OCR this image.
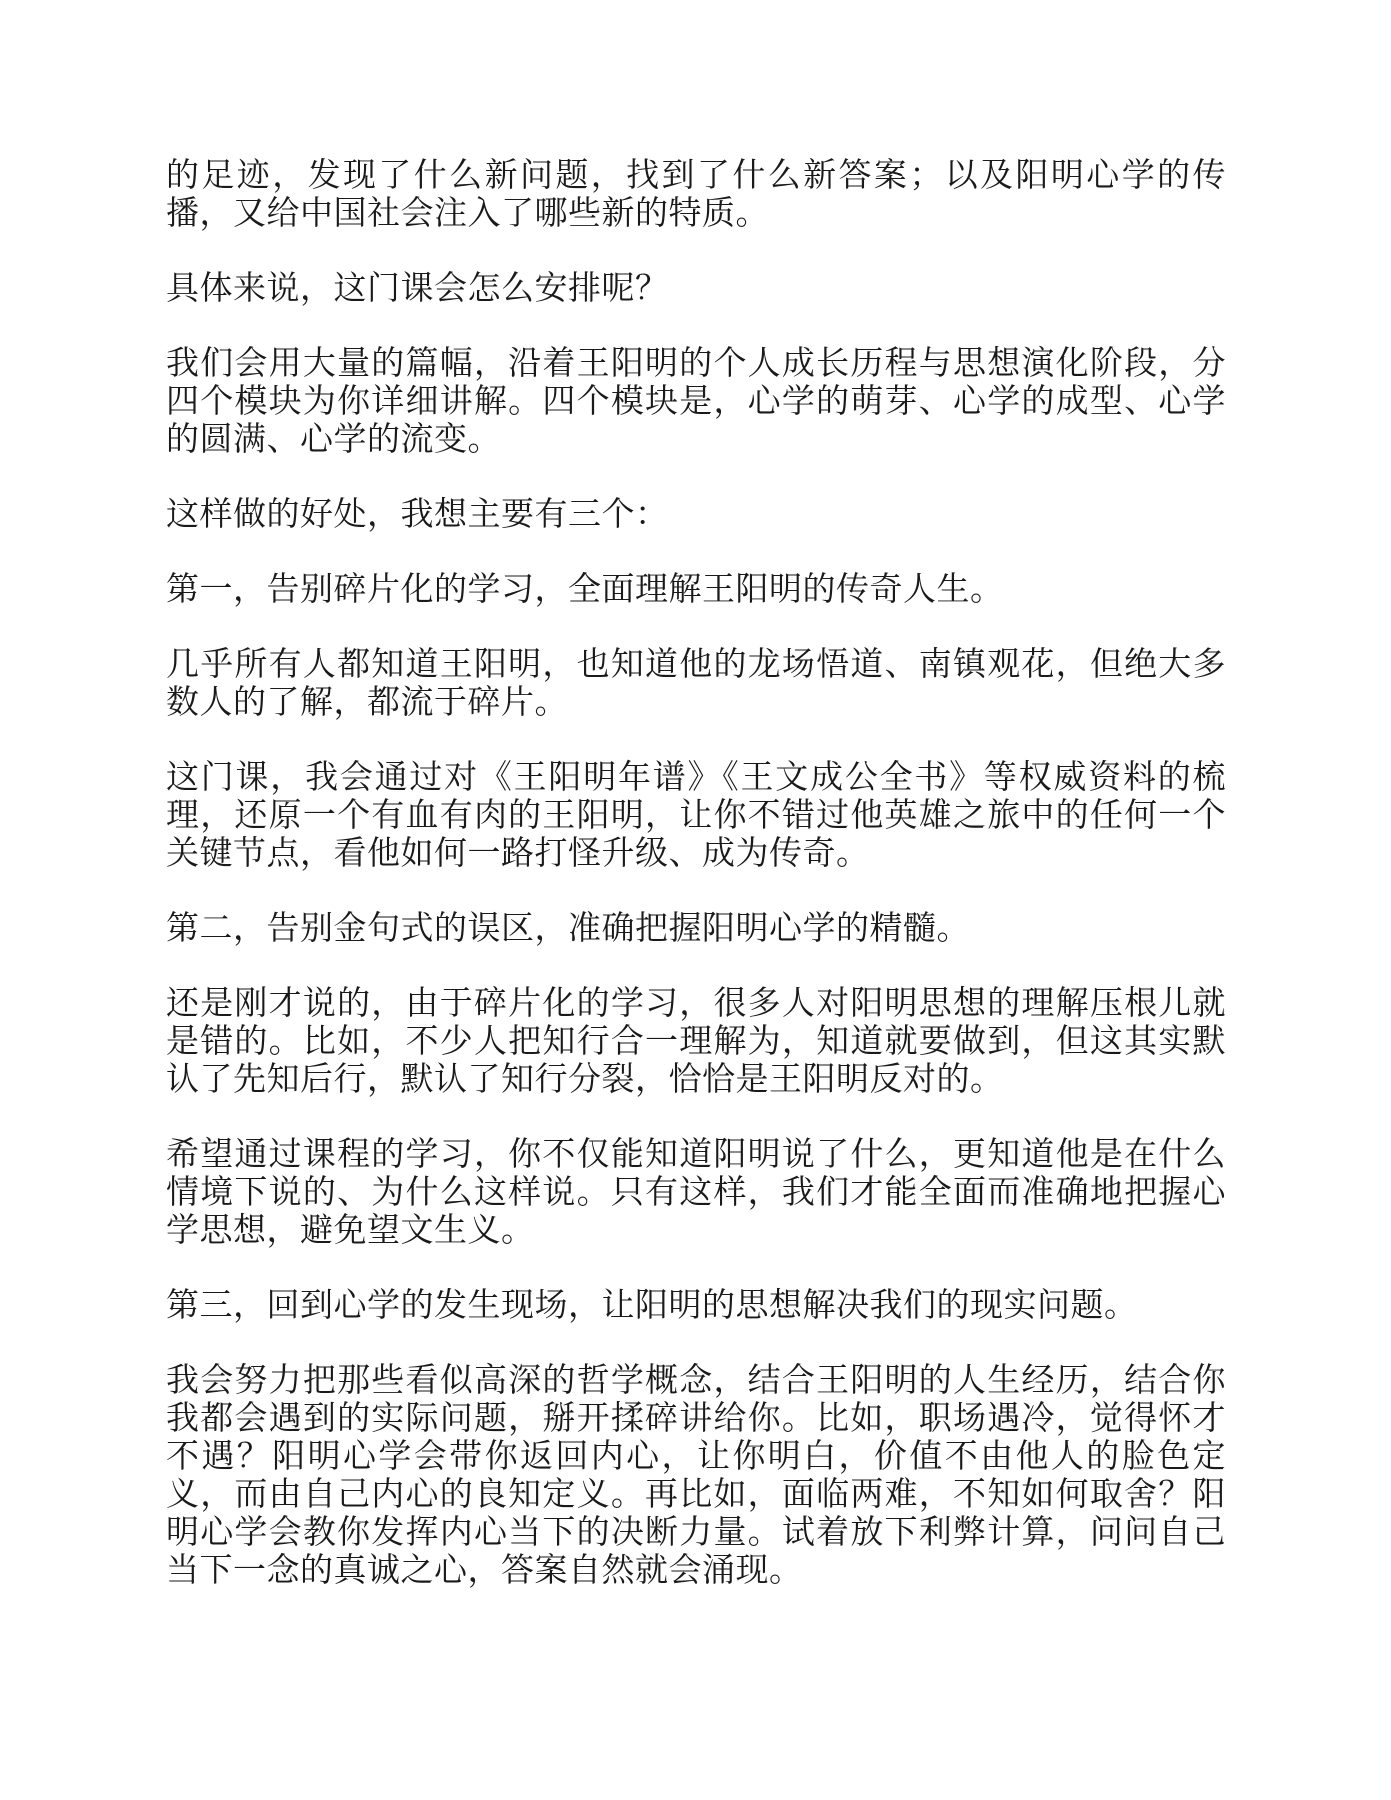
的足迹，发现了什么新问题，找到了什么新答案；以及阳明心学的传播，又给中国社会注入了哪些新的特质。

具体来说，这门课会怎么安排呢？

我们会用大量的篇幅，沿着王阳明的个人成长历程与思想演化阶段，分四个模块为你详细讲解。四个模块是，心学的萌芽、心学的成型、心学的圆满、心学的流变。

这样做的好处，我想主要有三个：

第一，告别碎片化的学习，全面理解王阳明的传奇人生。

几乎所有人都知道王阳明，也知道他的龙场悟道、南镇观花，但绝大多数人的了解，都流于碎片。

这门课，我会通过对《王阳明年谱》《王文成公全书》等权威资料的梳理，还原一个有血有肉的王阳明，让你不错过他英雄之旅中的任何一个关键节点，看他如何一路打怪升级、成为传奇。

第二，告别金句式的误区，准确把握阳明心学的精髓。

还是刚才说的，由于碎片化的学习，很多人对阳明思想的理解压根儿就是错的。比如，不少人把知行合一理解为，知道就要做到，但这其实默认了先知后行，默认了知行分裂，恰恰是王阳明反对的。

希望通过课程的学习，你不仅能知道阳明说了什么，更知道他是在什么情境下说的、为什么这样说。只有这样，我们才能全面而准确地把握心学思想，避免望文生义。

第三，回到心学的发生现场，让阳明的思想解决我们的现实问题。

我会努力把那些看似高深的哲学概念，结合王阳明的人生经历，结合你我都会遇到的实际问题，掰开揉碎讲给你。比如，职场遇冷，觉得怀才不遇？阳明心学会带你返回内心，让你明白，价值不由他人的脸色定义，而由自己内心的良知定义。再比如，面临两难，不知如何取舍？阳明心学会教你发挥内心当下的决断力量。试着放下利弊计算，问问自己当下一念的真诚之心，答案自然就会涌现。
